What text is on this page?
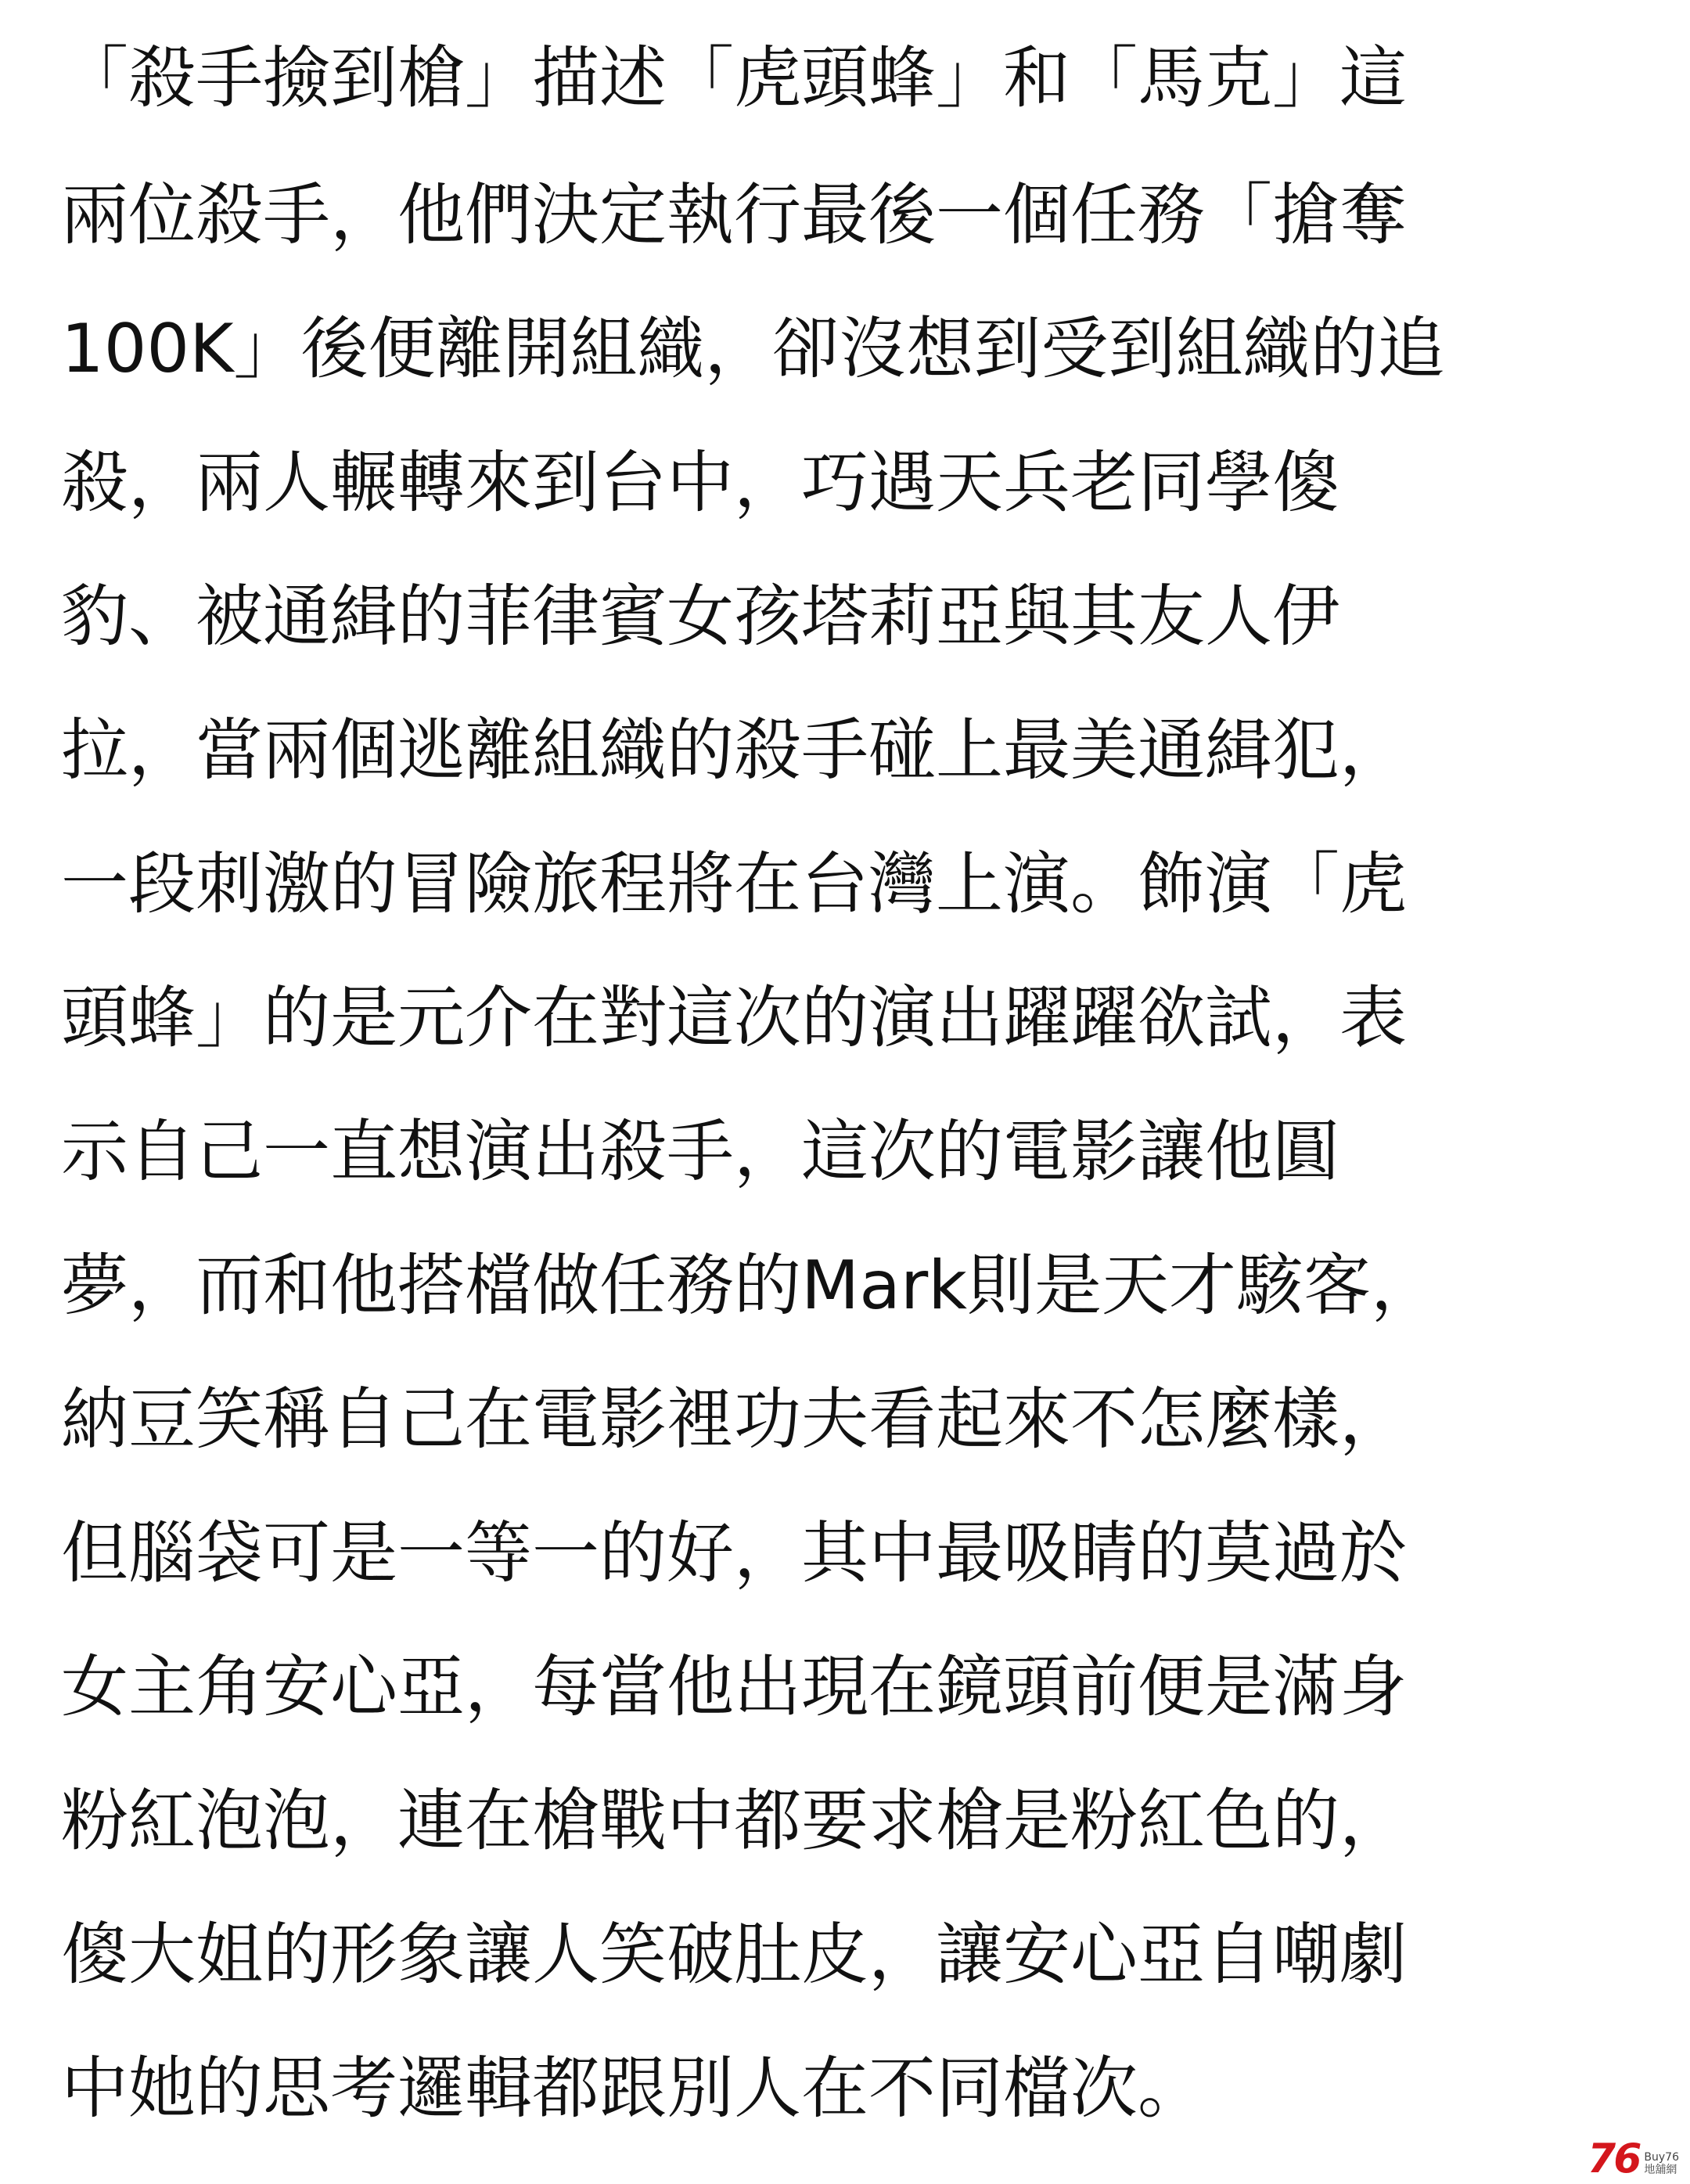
「殺手撿到槍」描述「虎頭蜂」和「馬克」這
兩位殺手，他們決定執行最後一個任務「搶奪
100K」後便離開組織，卻沒想到受到組織的追
殺，兩人輾轉來到台中，巧遇天兵老同學傻
豹、被通緝的菲律賓女孩塔莉亞與其友人伊
拉，當兩個逃離組織的殺手碰上最美通緝犯，
一段刺激的冒險旅程將在台灣上演。飾演「虎
頭蜂」的是元介在對這次的演出躍躍欲試，表
示自己一直想演出殺手，這次的電影讓他圓
夢，而和他搭檔做任務的Mark則是天才駭客，
納豆笑稱自己在電影裡功夫看起來不怎麼樣，
但腦袋可是一等一的好，其中最吸睛的莫過於
女主角安心亞，每當他出現在鏡頭前便是滿身
粉紅泡泡，連在槍戰中都要求槍是粉紅色的，
傻大姐的形象讓人笑破肚皮，讓安心亞自嘲劇
中她的思考邏輯都跟別人在不同檔次。
76 Buy76
地舖網
